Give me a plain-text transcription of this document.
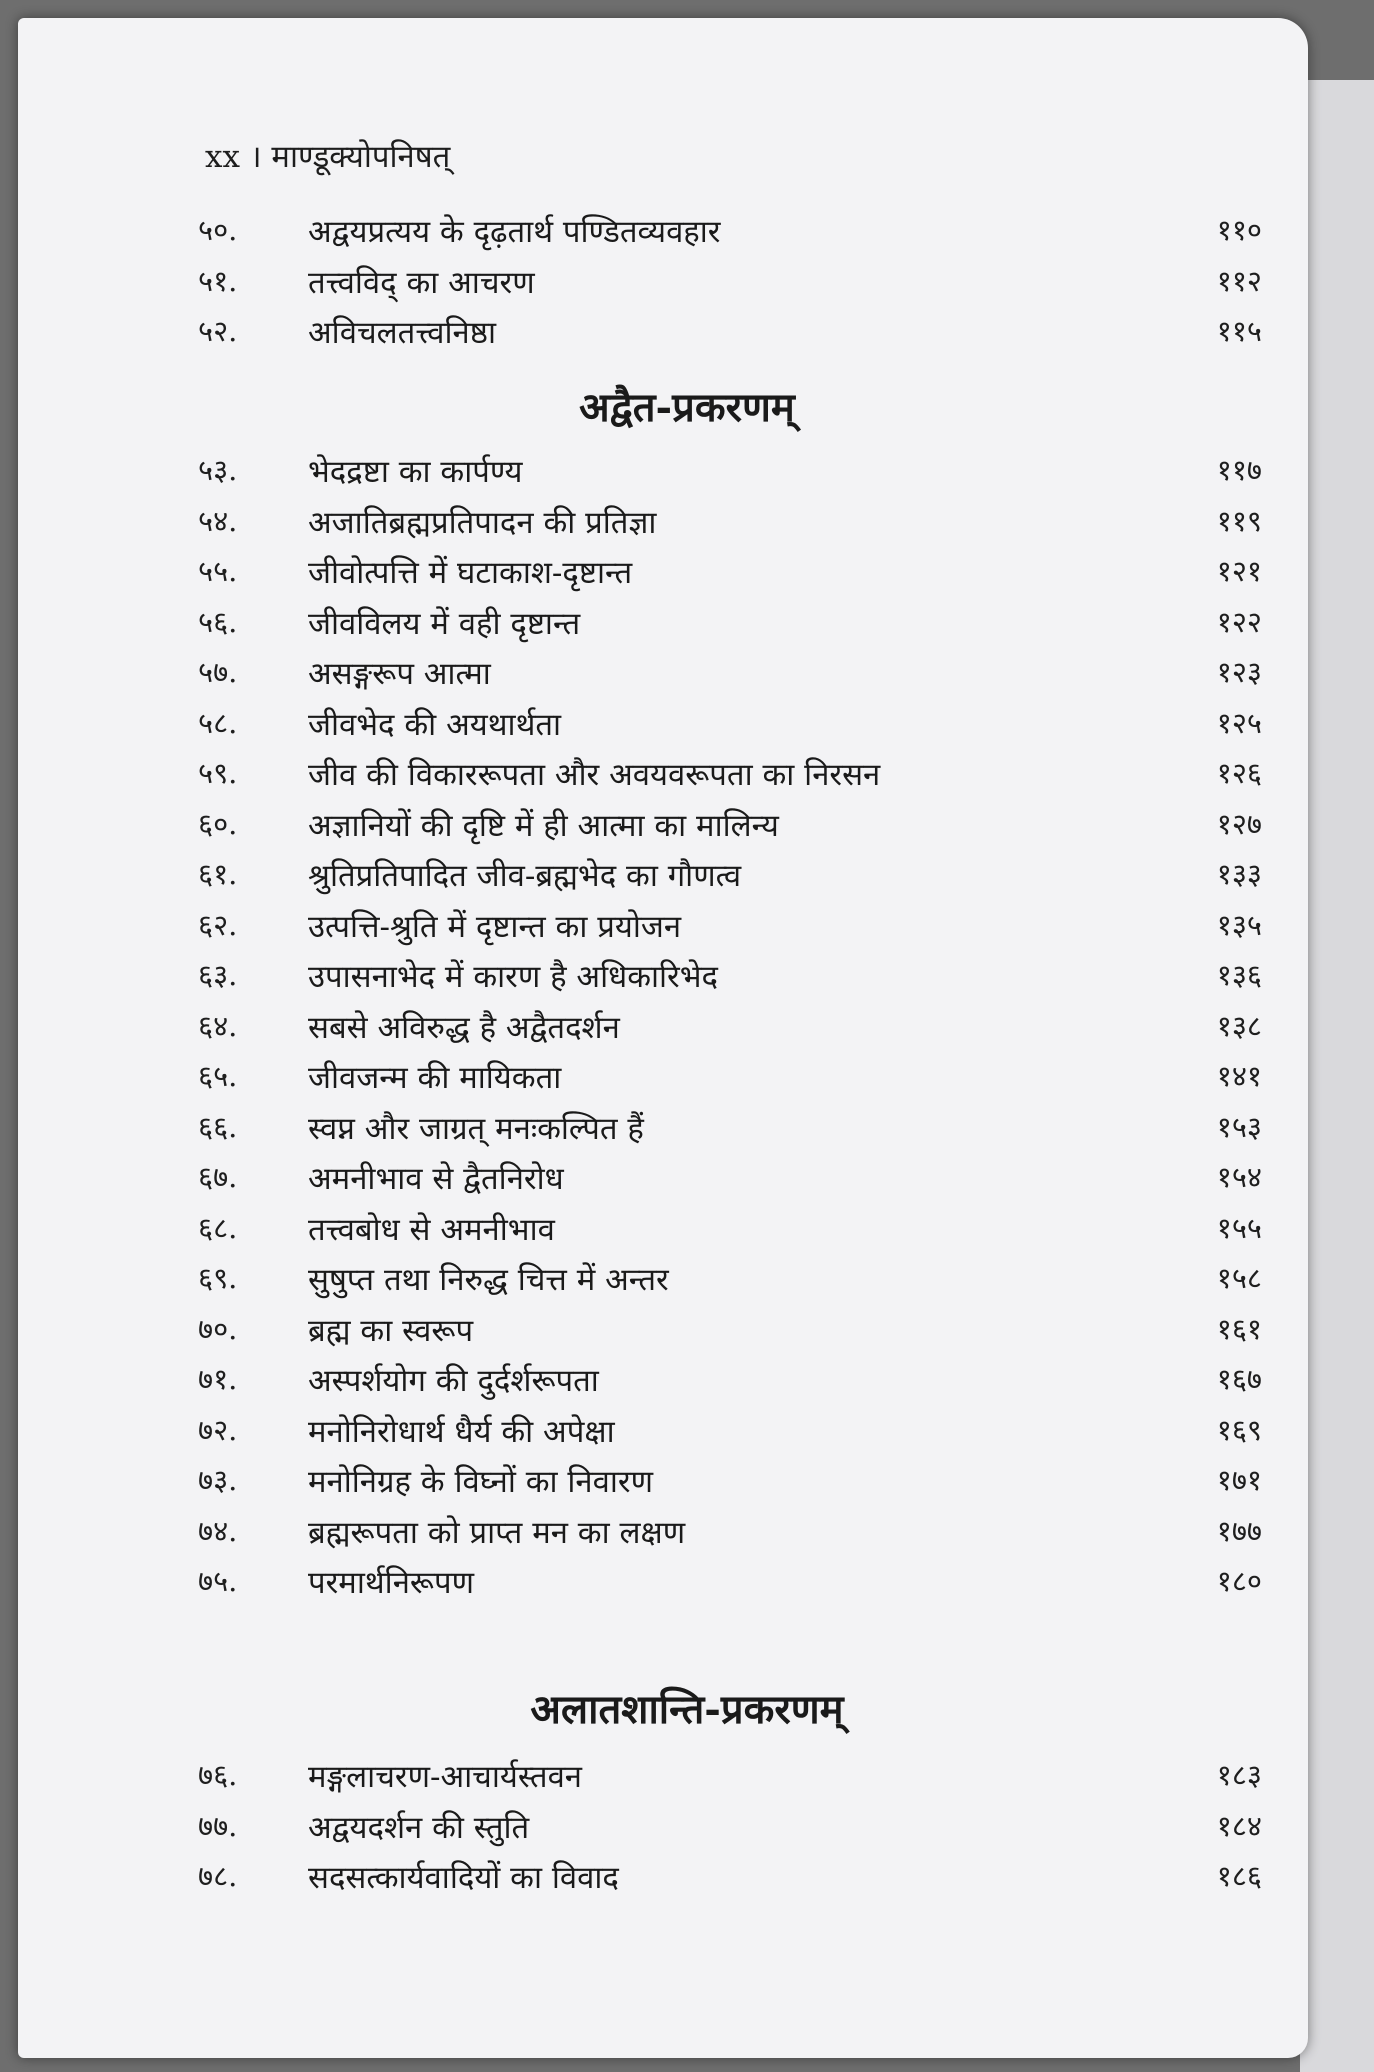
xx । माण्डूक्योपनिषत्
५०. अद्वयप्रत्यय के दृढ़तार्थ पण्डितव्यवहार	११०
५१. तत्त्वविद् का आचरण	११२
५२. अविचलतत्त्वनिष्ठा	११५
अद्वैत-प्रकरणम्
५३. भेदद्रष्टा का कार्पण्य	११७
५४. अजातिब्रह्मप्रतिपादन की प्रतिज्ञा	११९
५५. जीवोत्पत्ति में घटाकाश-दृष्टान्त	१२१
५६. जीवविलय में वही दृष्टान्त	१२२
५७. असङ्गरूप आत्मा	१२३
५८. जीवभेद की अयथार्थता	१२५
५९. जीव की विकाररूपता और अवयवरूपता का निरसन	१२६
६०. अज्ञानियों की दृष्टि में ही आत्मा का मालिन्य	१२७
६१. श्रुतिप्रतिपादित जीव-ब्रह्मभेद का गौणत्व	१३३
६२. उत्पत्ति-श्रुति में दृष्टान्त का प्रयोजन	१३५
६३. उपासनाभेद में कारण है अधिकारिभेद	१३६
६४. सबसे अविरुद्ध है अद्वैतदर्शन	१३८
६५. जीवजन्म की मायिकता	१४१
६६. स्वप्न और जाग्रत् मनःकल्पित हैं	१५३
६७. अमनीभाव से द्वैतनिरोध	१५४
६८. तत्त्वबोध से अमनीभाव	१५५
६९. सुषुप्त तथा निरुद्ध चित्त में अन्तर	१५८
७०. ब्रह्म का स्वरूप	१६१
७१. अस्पर्शयोग की दुर्दर्शरूपता	१६७
७२. मनोनिरोधार्थ धैर्य की अपेक्षा	१६९
७३. मनोनिग्रह के विघ्नों का निवारण	१७१
७४. ब्रह्मरूपता को प्राप्त मन का लक्षण	१७७
७५. परमार्थनिरूपण	१८०
अलातशान्ति-प्रकरणम्
७६. मङ्गलाचरण-आचार्यस्तवन	१८३
७७. अद्वयदर्शन की स्तुति	१८४
७८. सदसत्कार्यवादियों का विवाद	१८६
